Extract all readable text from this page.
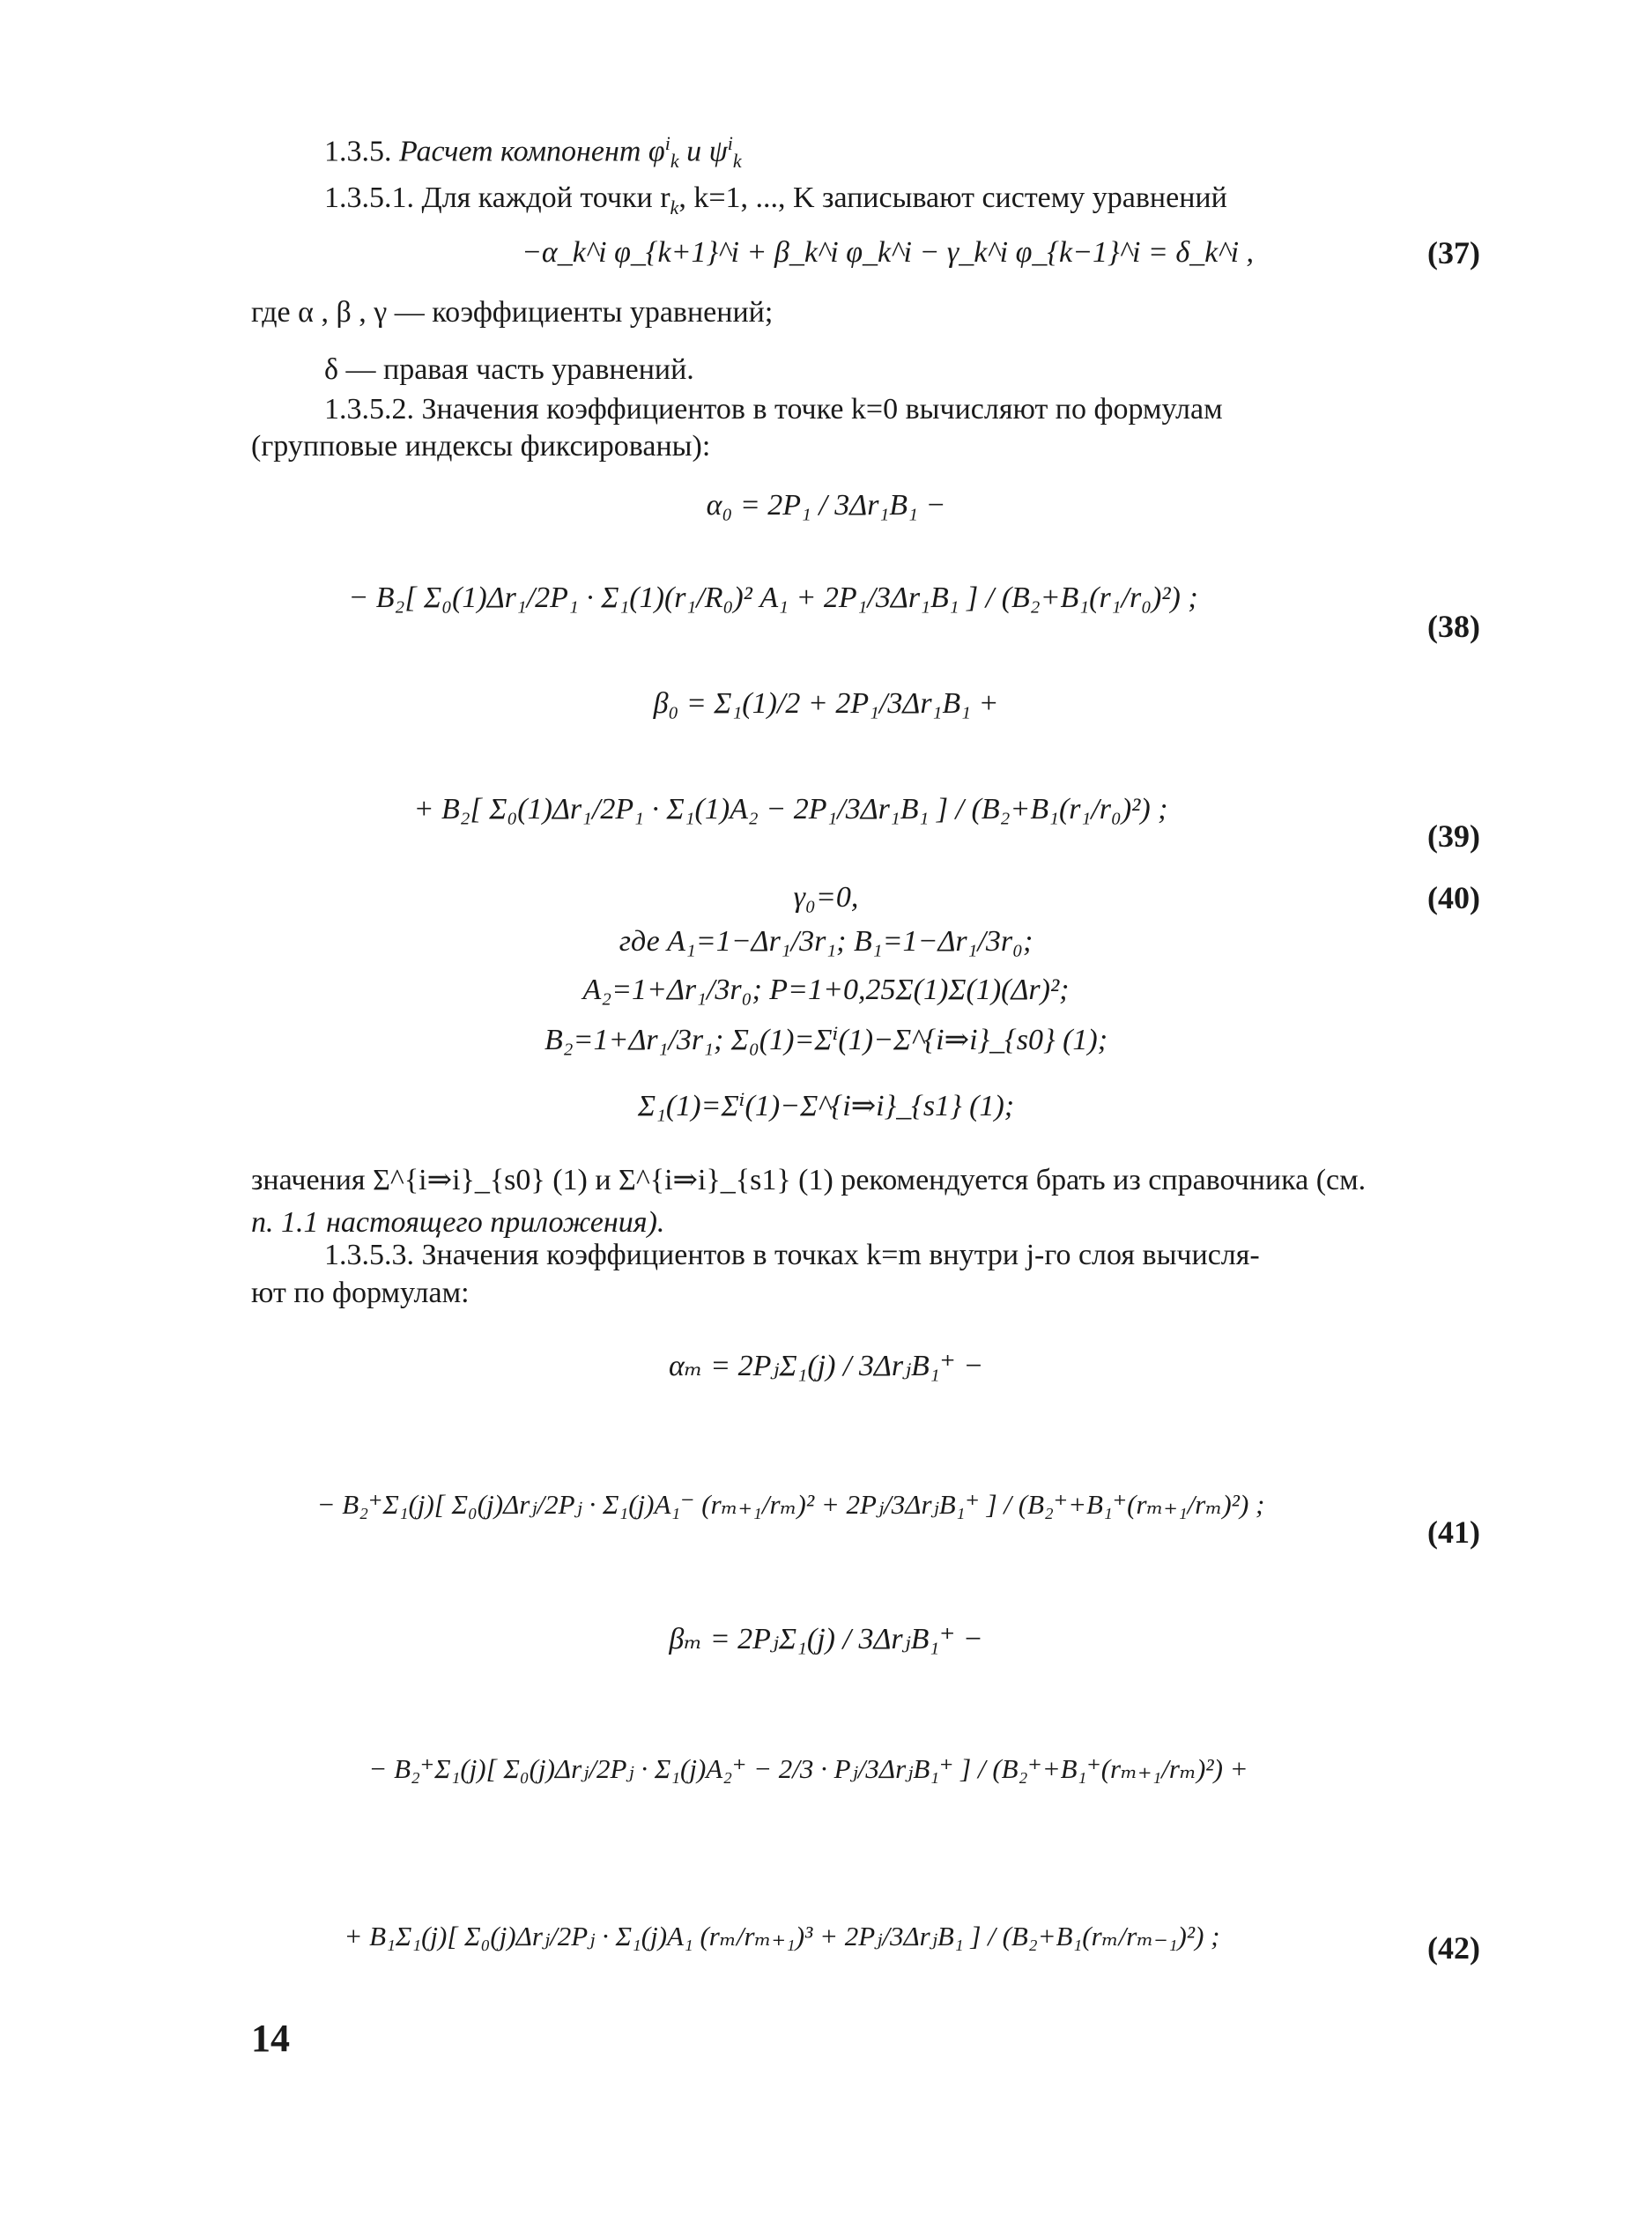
1.3.5. Расчет компонент $\varphi^i_k$ и $\psi^i_k$
1.3.5.1. Для каждой точки $r_k$, k=1, ..., K записывают систему уравнений
−α_k^i φ_{k+1}^i + β_k^i φ_k^i − γ_k^i φ_{k−1}^i = δ_k^i ,	(37)
где α , β , γ — коэффициенты уравнений;
δ — правая часть уравнений.
1.3.5.2. Значения коэффициентов в точке k=0 вычисляют по формулам
(групповые индексы фиксированы):
α₀ = 2P₁ / 3Δr₁B₁ −
− B₂[ Σ₀(1)Δr₁/2P₁ · Σ₁(1)(r₁/R₀)² A₁ + 2P₁/3Δr₁B₁ ] / (B₂+B₁(r₁/r₀)²) ;
(38)
β₀ = Σ₁(1)/2 + 2P₁/3Δr₁B₁ +
+ B₂[ Σ₀(1)Δr₁/2P₁ · Σ₁(1)A₂ − 2P₁/3Δr₁B₁ ] / (B₂+B₁(r₁/r₀)²) ;
(39)
γ₀=0,	(40)
где A₁=1−Δr₁/3r₁; B₁=1−Δr₁/3r₀;
A₂=1+Δr₁/3r₀; P=1+0,25Σ(1)Σ(1)(Δr)²;
B₂=1+Δr₁/3r₁; Σ₀(1)=Σⁱ(1)−Σ^{i⇒i}_{s0} (1);
Σ₁(1)=Σⁱ(1)−Σ^{i⇒i}_{s1} (1);
значения Σ^{i⇒i}_{s0} (1) и Σ^{i⇒i}_{s1} (1) рекомендуется брать из справочника (см.
п. 1.1 настоящего приложения).
1.3.5.3. Значения коэффициентов в точках k=m внутри j-го слоя вычисля-
ют по формулам:
αₘ = 2PⱼΣ₁(j) / 3ΔrⱼB₁⁺ −
− B₂⁺Σ₁(j)[ Σ₀(j)Δrⱼ/2Pⱼ · Σ₁(j)A₁⁻ (rₘ₊₁/rₘ)² + 2Pⱼ/3ΔrⱼB₁⁺ ] / (B₂⁺+B₁⁺(rₘ₊₁/rₘ)²) ;
(41)
βₘ = 2PⱼΣ₁(j) / 3ΔrⱼB₁⁺ −
− B₂⁺Σ₁(j)[ Σ₀(j)Δrⱼ/2Pⱼ · Σ₁(j)A₂⁺ − 2/3 · Pⱼ/3ΔrⱼB₁⁺ ] / (B₂⁺+B₁⁺(rₘ₊₁/rₘ)²) +
+ B₁Σ₁(j)[ Σ₀(j)Δrⱼ/2Pⱼ · Σ₁(j)A₁ (rₘ/rₘ₊₁)³ + 2Pⱼ/3ΔrⱼB₁ ] / (B₂+B₁(rₘ/rₘ₋₁)²) ;	(42)
14
